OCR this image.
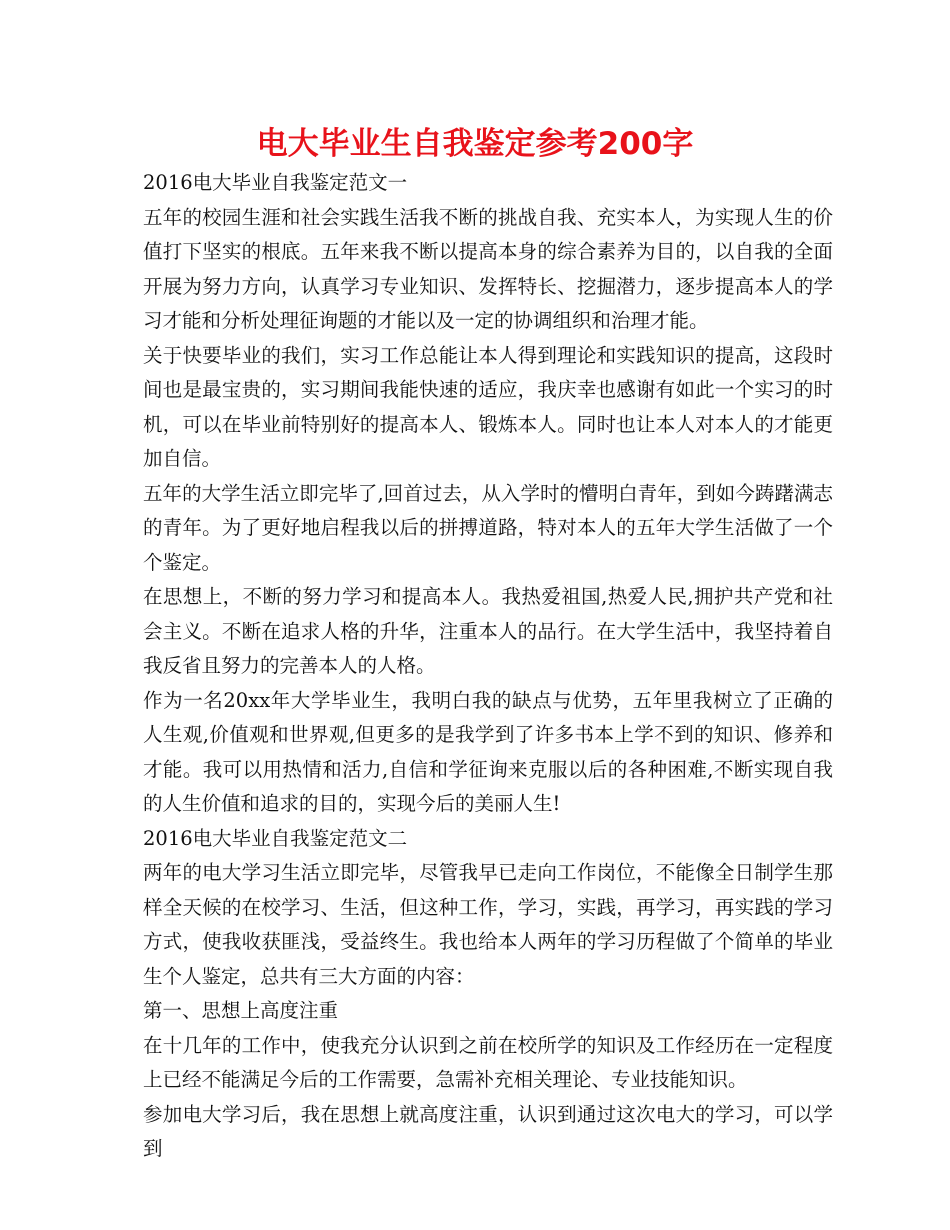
电大毕业生自我鉴定参考200字

2016电大毕业自我鉴定范文一

五年的校园生涯和社会实践生活我不断的挑战自我、充实本人，为实现人生的价值打下坚实的根底。五年来我不断以提高本身的综合素养为目的，以自我的全面开展为努力方向，认真学习专业知识、发挥特长、挖掘潜力，逐步提高本人的学习才能和分析处理征询题的才能以及一定的协调组织和治理才能。

关于快要毕业的我们，实习工作总能让本人得到理论和实践知识的提高，这段时间也是最宝贵的，实习期间我能快速的适应，我庆幸也感谢有如此一个实习的时机，可以在毕业前特别好的提高本人、锻炼本人。同时也让本人对本人的才能更加自信。

五年的大学生活立即完毕了,回首过去，从入学时的懵明白青年，到如今踌躇满志的青年。为了更好地启程我以后的拼搏道路，特对本人的五年大学生活做了一个个鉴定。

在思想上，不断的努力学习和提高本人。我热爱祖国,热爱人民,拥护共产党和社会主义。不断在追求人格的升华，注重本人的品行。在大学生活中，我坚持着自我反省且努力的完善本人的人格。

作为一名20xx年大学毕业生，我明白我的缺点与优势，五年里我树立了正确的人生观,价值观和世界观,但更多的是我学到了许多书本上学不到的知识、修养和才能。我可以用热情和活力,自信和学征询来克服以后的各种困难,不断实现自我的人生价值和追求的目的，实现今后的美丽人生!

2016电大毕业自我鉴定范文二

两年的电大学习生活立即完毕，尽管我早已走向工作岗位，不能像全日制学生那样全天候的在校学习、生活，但这种工作，学习，实践，再学习，再实践的学习方式，使我收获匪浅，受益终生。我也给本人两年的学习历程做了个简单的毕业生个人鉴定，总共有三大方面的内容：

第一、思想上高度注重

在十几年的工作中，使我充分认识到之前在校所学的知识及工作经历在一定程度上已经不能满足今后的工作需要，急需补充相关理论、专业技能知识。

参加电大学习后，我在思想上就高度注重，认识到通过这次电大的学习，可以学到
